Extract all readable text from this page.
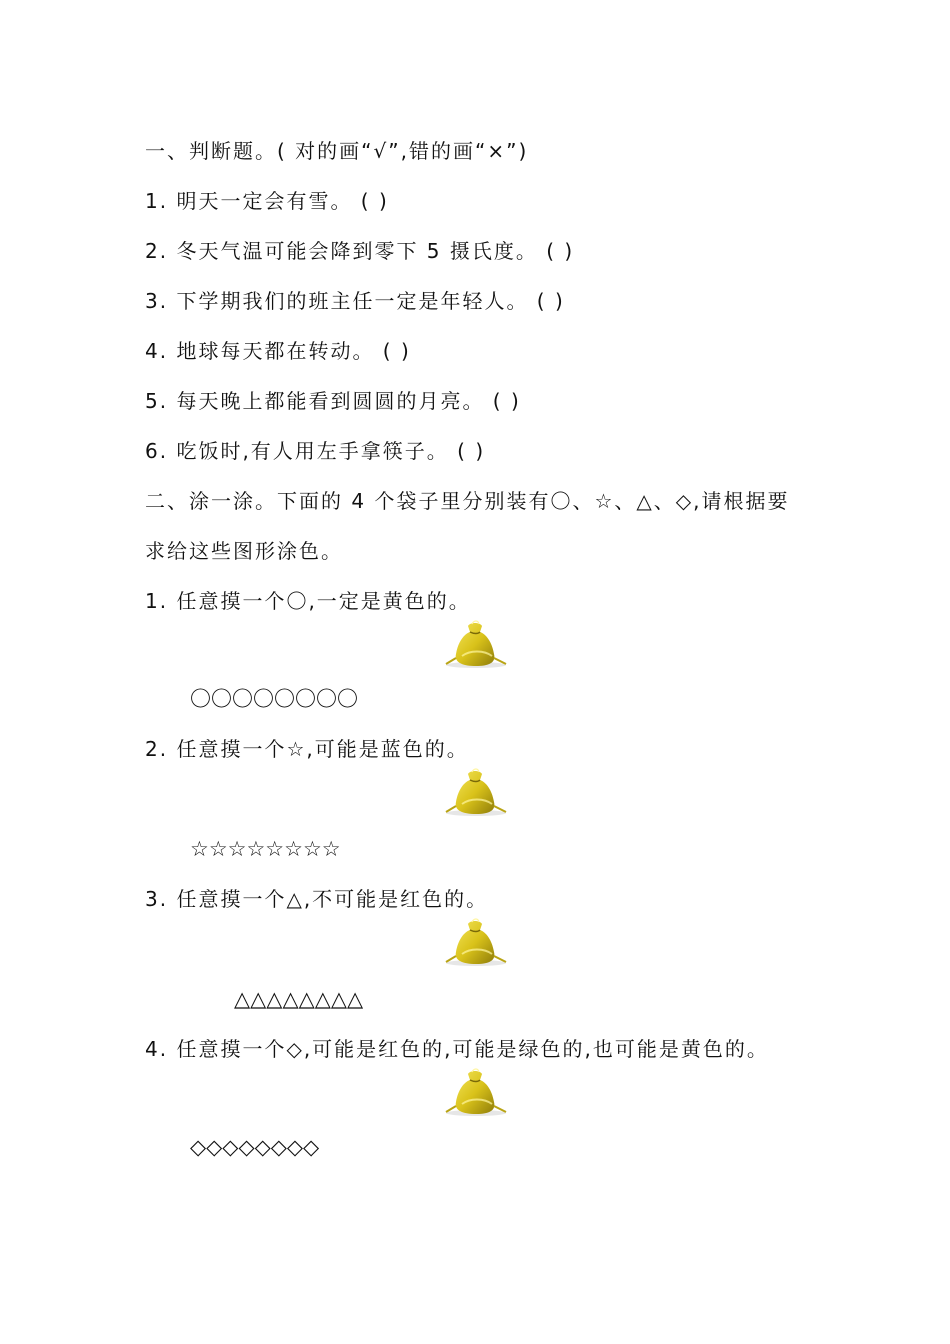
一、判断题。( 对的画“√”,错的画“×”)
1. 明天一定会有雪。 ( )
2. 冬天气温可能会降到零下 5 摄氏度。 ( )
3. 下学期我们的班主任一定是年轻人。 ( )
4. 地球每天都在转动。 ( )
5. 每天晚上都能看到圆圆的月亮。 ( )
6. 吃饭时,有人用左手拿筷子。 ( )
二、涂一涂。下面的 4 个袋子里分别装有〇、☆、△、◇,请根据要
求给这些图形涂色。
1. 任意摸一个〇,一定是黄色的。
〇〇〇〇〇〇〇〇
2. 任意摸一个☆,可能是蓝色的。
☆☆☆☆☆☆☆☆
3. 任意摸一个△,不可能是红色的。
△△△△△△△△
4. 任意摸一个◇,可能是红色的,可能是绿色的,也可能是黄色的。
◇◇◇◇◇◇◇◇
